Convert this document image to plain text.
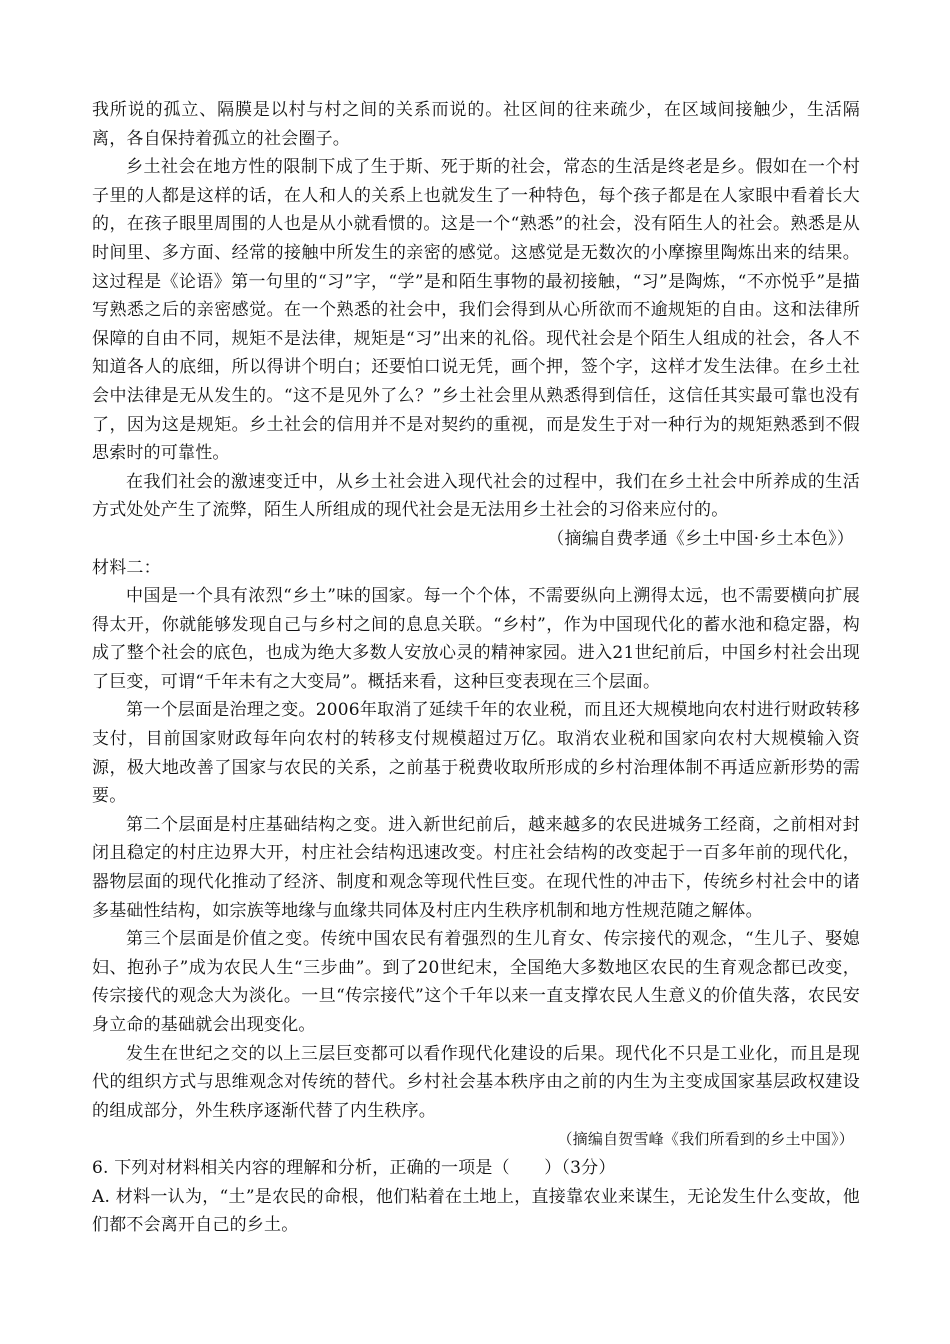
我所说的孤立、隔膜是以村与村之间的关系而说的。社区间的往来疏少，在区域间接触少，生活隔离，各自保持着孤立的社会圈子。

乡土社会在地方性的限制下成了生于斯、死于斯的社会，常态的生活是终老是乡。假如在一个村子里的人都是这样的话，在人和人的关系上也就发生了一种特色，每个孩子都是在人家眼中看着长大的，在孩子眼里周围的人也是从小就看惯的。这是一个“熟悉”的社会，没有陌生人的社会。熟悉是从时间里、多方面、经常的接触中所发生的亲密的感觉。这感觉是无数次的小摩擦里陶炼出来的结果。这过程是《论语》第一句里的“习”字，“学”是和陌生事物的最初接触，“习”是陶炼，“不亦悦乎”是描写熟悉之后的亲密感觉。在一个熟悉的社会中，我们会得到从心所欲而不逾规矩的自由。这和法律所保障的自由不同，规矩不是法律，规矩是“习”出来的礼俗。现代社会是个陌生人组成的社会，各人不知道各人的底细，所以得讲个明白；还要怕口说无凭，画个押，签个字，这样才发生法律。在乡土社会中法律是无从发生的。“这不是见外了么？”乡土社会里从熟悉得到信任，这信任其实最可靠也没有了，因为这是规矩。乡土社会的信用并不是对契约的重视，而是发生于对一种行为的规矩熟悉到不假思索时的可靠性。

在我们社会的激速变迁中，从乡土社会进入现代社会的过程中，我们在乡土社会中所养成的生活方式处处产生了流弊，陌生人所组成的现代社会是无法用乡土社会的习俗来应付的。

（摘编自费孝通《乡土中国·乡土本色》）

材料二：

中国是一个具有浓烈“乡土”味的国家。每一个个体，不需要纵向上溯得太远，也不需要横向扩展得太开，你就能够发现自己与乡村之间的息息关联。“乡村”，作为中国现代化的蓄水池和稳定器，构成了整个社会的底色，也成为绝大多数人安放心灵的精神家园。进入21世纪前后，中国乡村社会出现了巨变，可谓“千年未有之大变局”。概括来看，这种巨变表现在三个层面。

第一个层面是治理之变。2006年取消了延续千年的农业税，而且还大规模地向农村进行财政转移支付，目前国家财政每年向农村的转移支付规模超过万亿。取消农业税和国家向农村大规模输入资源，极大地改善了国家与农民的关系，之前基于税费收取所形成的乡村治理体制不再适应新形势的需要。

第二个层面是村庄基础结构之变。进入新世纪前后，越来越多的农民进城务工经商，之前相对封闭且稳定的村庄边界大开，村庄社会结构迅速改变。村庄社会结构的改变起于一百多年前的现代化，器物层面的现代化推动了经济、制度和观念等现代性巨变。在现代性的冲击下，传统乡村社会中的诸多基础性结构，如宗族等地缘与血缘共同体及村庄内生秩序机制和地方性规范随之解体。

第三个层面是价值之变。传统中国农民有着强烈的生儿育女、传宗接代的观念，“生儿子、娶媳妇、抱孙子”成为农民人生“三步曲”。到了20世纪末，全国绝大多数地区农民的生育观念都已改变，传宗接代的观念大为淡化。一旦“传宗接代”这个千年以来一直支撑农民人生意义的价值失落，农民安身立命的基础就会出现变化。

发生在世纪之交的以上三层巨变都可以看作现代化建设的后果。现代化不只是工业化，而且是现代的组织方式与思维观念对传统的替代。乡村社会基本秩序由之前的内生为主变成国家基层政权建设的组成部分，外生秩序逐渐代替了内生秩序。

（摘编自贺雪峰《我们所看到的乡土中国》）

6. 下列对材料相关内容的理解和分析，正确的一项是（　　）（3分）

A. 材料一认为，“土”是农民的命根，他们粘着在土地上，直接靠农业来谋生，无论发生什么变故，他们都不会离开自己的乡土。
